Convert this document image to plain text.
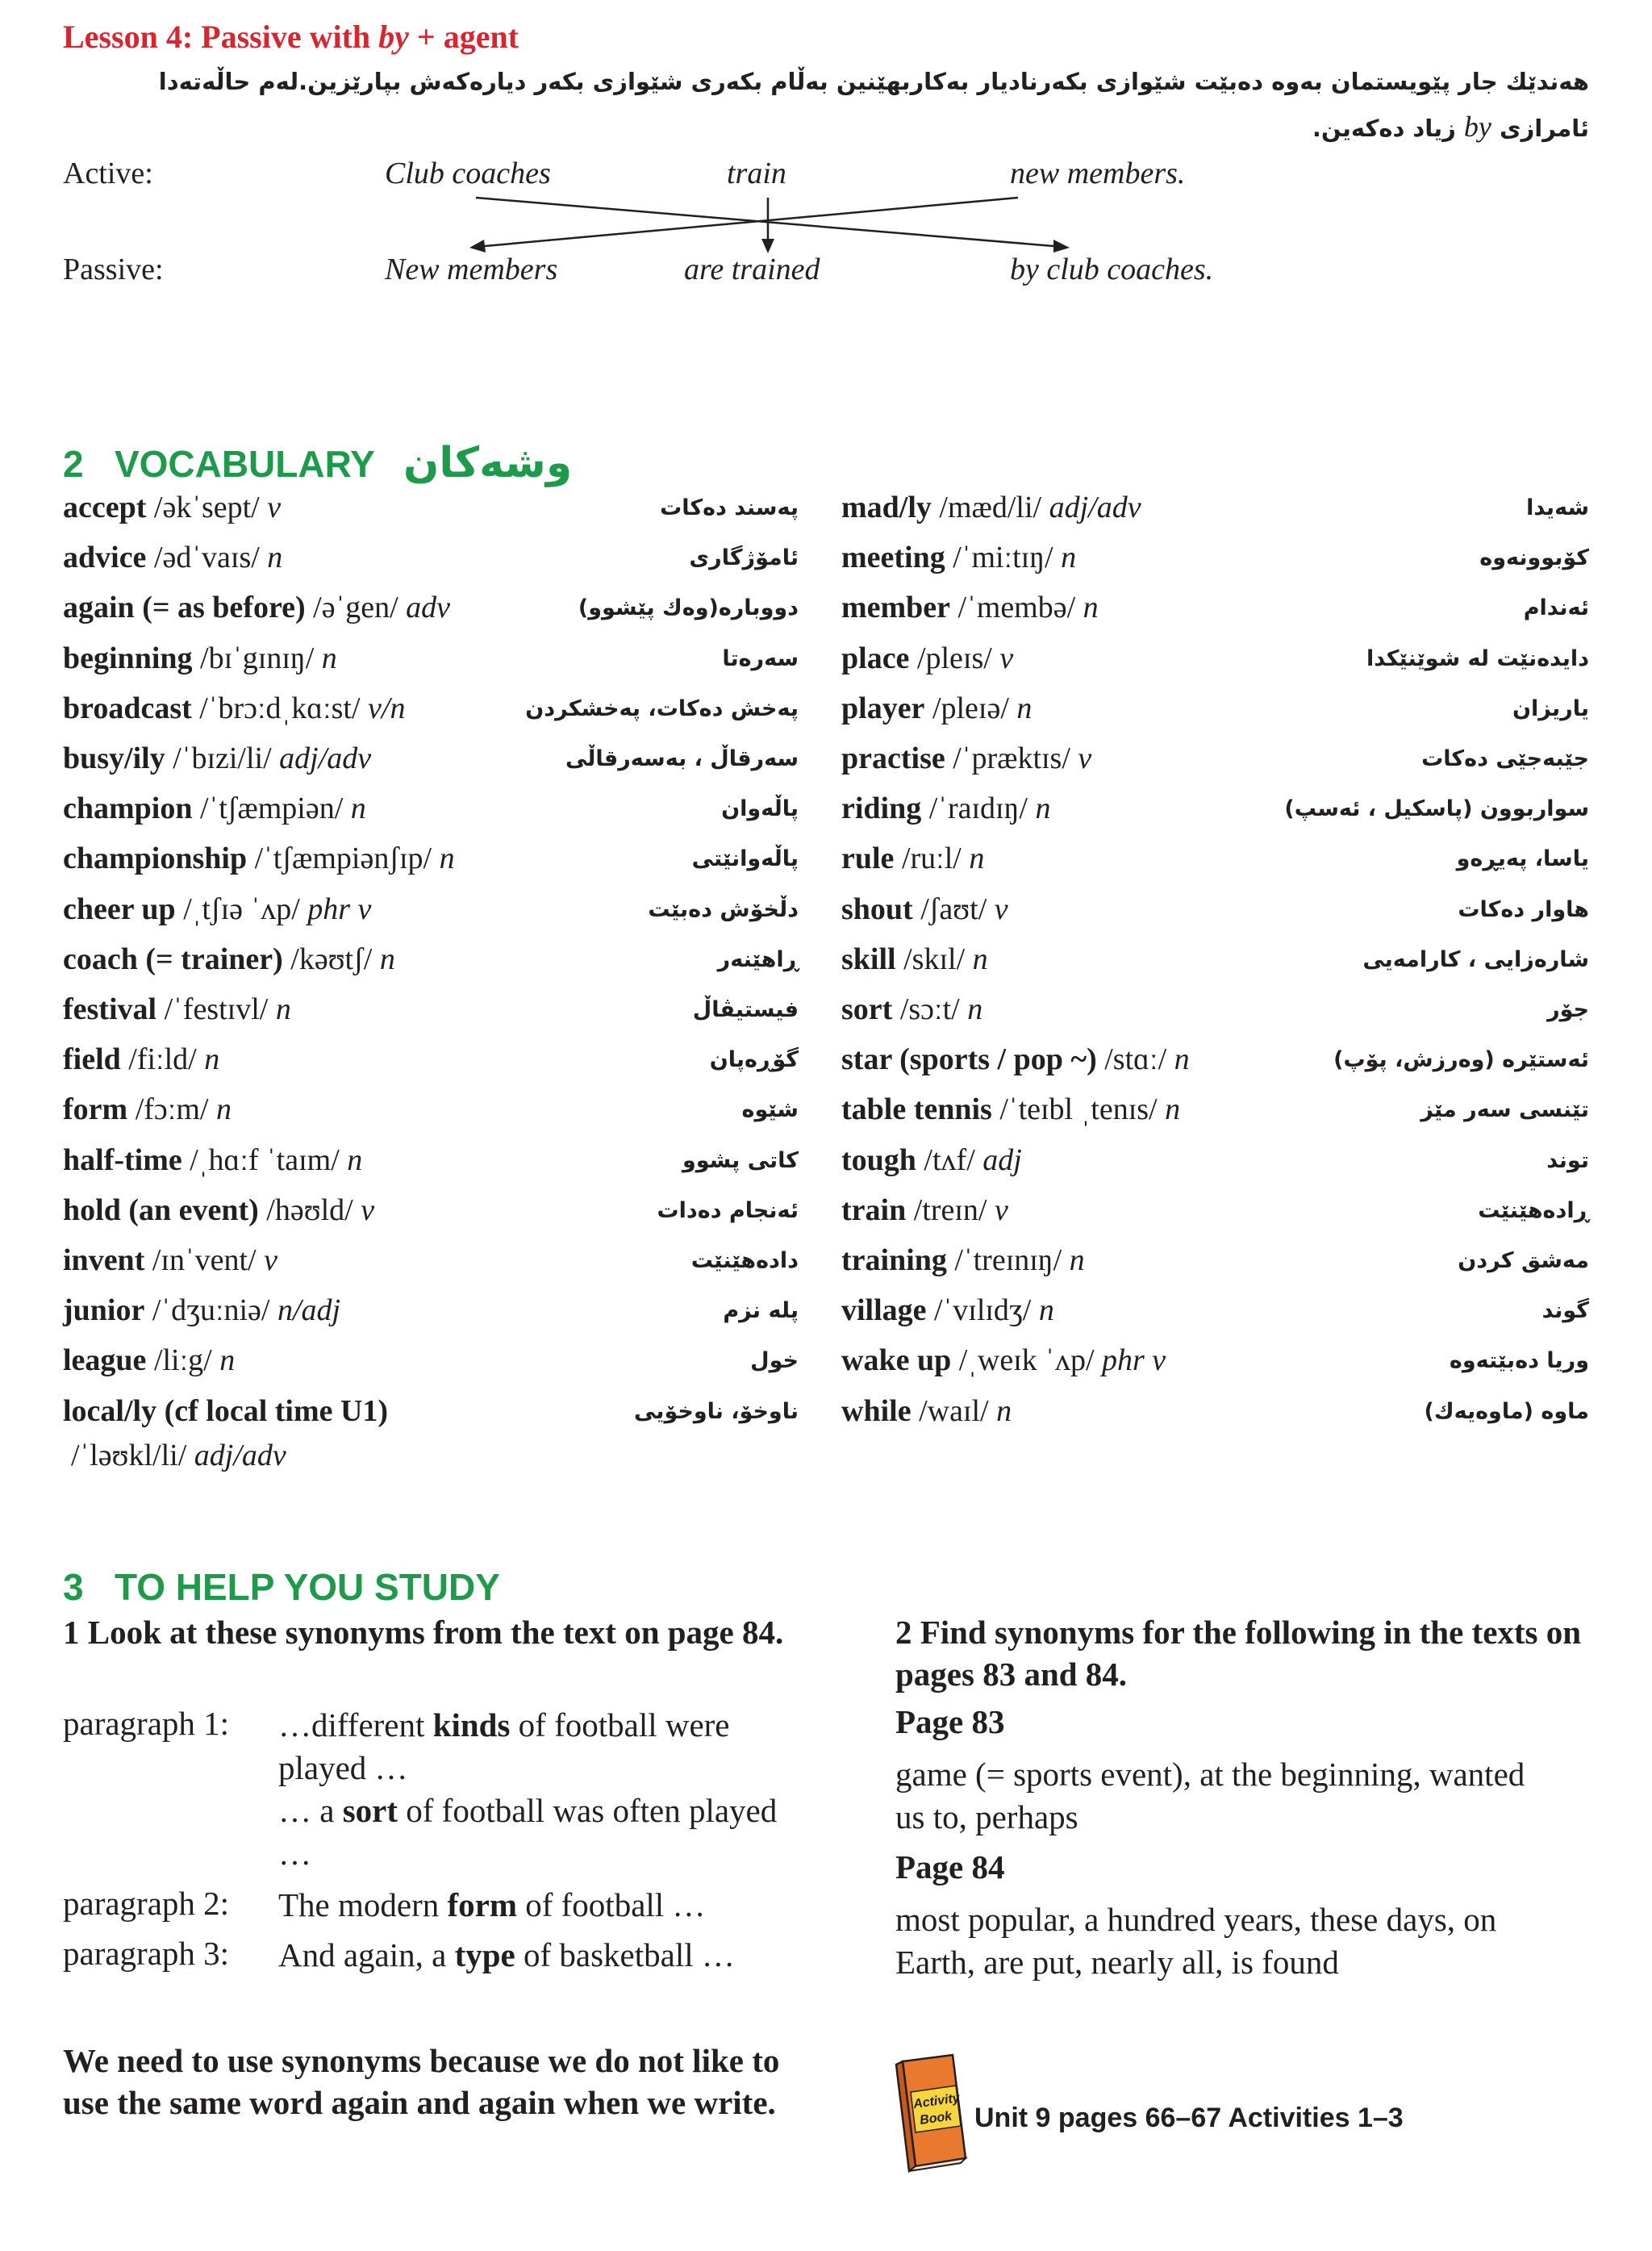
Lesson 4: Passive with by + agent
هەندێك جار پێویستمان بەوە دەبێت شێوازی بکەرنادیار بەکاربهێنین بەڵام بکەری شێوازی بکەر دیارەکەش بپارێزین.لەم حاڵەتەدا
ئامرازی by زیاد دەکەین.
Active:	Club coaches	train	new members.
Passive:	New members	are trained	by club coaches.
2 VOCABULARY وشەکان
accept /əkˈsept/ v	پەسند دەکات
advice /ədˈvaɪs/ n	ئامۆژگاری
again (= as before) /əˈgen/ adv	دووبارە(وەك پێشوو)
beginning /bɪˈgɪnɪŋ/ n	سەرەتا
broadcast /ˈbrɔːdˌkɑːst/ v/n	پەخش دەکات، پەخشکردن
busy/ily /ˈbɪzi/li/ adj/adv	سەرقاڵ ، بەسەرقاڵی
champion /ˈtʃæmpiən/ n	پاڵەوان
championship /ˈtʃæmpiənʃɪp/ n	پاڵەوانێتی
cheer up /ˌtʃɪə ˈʌp/ phr v	دڵخۆش دەبێت
coach (= trainer) /kəʊtʃ/ n	ڕاهێنەر
festival /ˈfestɪvl/ n	فیستیڤاڵ
field /fiːld/ n	گۆڕەپان
form /fɔːm/ n	شێوە
half-time /ˌhɑːf ˈtaɪm/ n	کاتی پشوو
hold (an event) /həʊld/ v	ئەنجام دەدات
invent /ɪnˈvent/ v	دادەهێنێت
junior /ˈdʒuːniə/ n/adj	پلە نزم
league /liːg/ n	خول
local/ly (cf local time U1)	ناوخۆ، ناوخۆیی
mad/ly /mæd/li/ adj/adv	شەیدا
meeting /ˈmiːtɪŋ/ n	کۆبوونەوە
member /ˈmembə/ n	ئەندام
place /pleɪs/ v	دایدەنێت لە شوێنێکدا
player /pleɪə/ n	یاریزان
practise /ˈpræktɪs/ v	جێبەجێی دەکات
riding /ˈraɪdɪŋ/ n	سواربوون (پاسکیل ، ئەسپ)
rule /ruːl/ n	یاسا، پەیڕەو
shout /ʃaʊt/ v	هاوار دەکات
skill /skɪl/ n	شارەزایی ، کارامەیی
sort /sɔːt/ n	جۆر
star (sports / pop ~) /stɑː/ n	ئەستێرە (وەرزش، پۆپ)
table tennis /ˈteɪbl ˌtenɪs/ n	تێنسی سەر مێز
tough /tʌf/ adj	توند
train /treɪn/ v	ڕادەهێنێت
training /ˈtreɪnɪŋ/ n	مەشق کردن
village /ˈvɪlɪdʒ/ n	گوند
wake up /ˌweɪk ˈʌp/ phr v	وریا دەبێتەوە
while /waɪl/ n	ماوە (ماوەیەك)
/ˈləʊkl/li/ adj/adv
3 TO HELP YOU STUDY
1 Look at these synonyms from the text on page 84.
paragraph 1: …different kinds of football were played …
… a sort of football was often played …
paragraph 2: The modern form of football …
paragraph 3: And again, a type of basketball …
We need to use synonyms because we do not like to use the same word again and again when we write.
2 Find synonyms for the following in the texts on pages 83 and 84.
Page 83
game (= sports event), at the beginning, wanted us to, perhaps
Page 84
most popular, a hundred years, these days, on Earth, are put, nearly all, is found
Activity
Book Unit 9 pages 66–67 Activities 1–3
